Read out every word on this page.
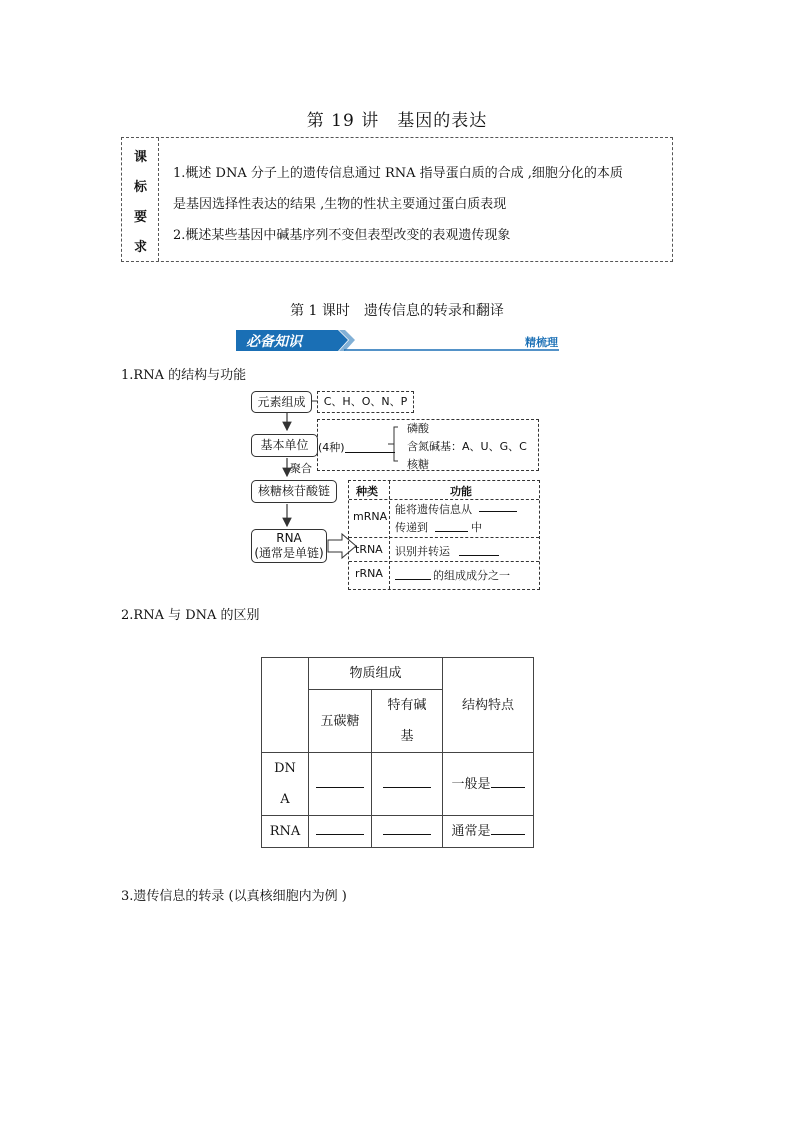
第 19 讲　基因的表达
课
标
要
求
1.概述 DNA 分子上的遗传信息通过 RNA 指导蛋白质的合成 ,细胞分化的本质
是基因选择性表达的结果 ,生物的性状主要通过蛋白质表现
2.概述某些基因中碱基序列不变但表型改变的表观遗传现象
第 1 课时　遗传信息的转录和翻译
必备知识	精梳理
1.RNA 的结构与功能
元素组成	C、H、O、N、P
基本单位 (4种)
磷酸
含氮碱基：A、U、G、C
核糖
聚合
核糖核苷酸链
RNA
(通常是单链)
种类	功能
mRNA
能将遗传信息从
传递到	中
tRNA 识别并转运
rRNA	的组成成分之一
2.RNA 与 DNA 的区别
	物质组成		结构特点
	五碳糖	特有碱
基	

DN
A			一般是
RNA			通常是
3.遗传信息的转录 (以真核细胞内为例 )
